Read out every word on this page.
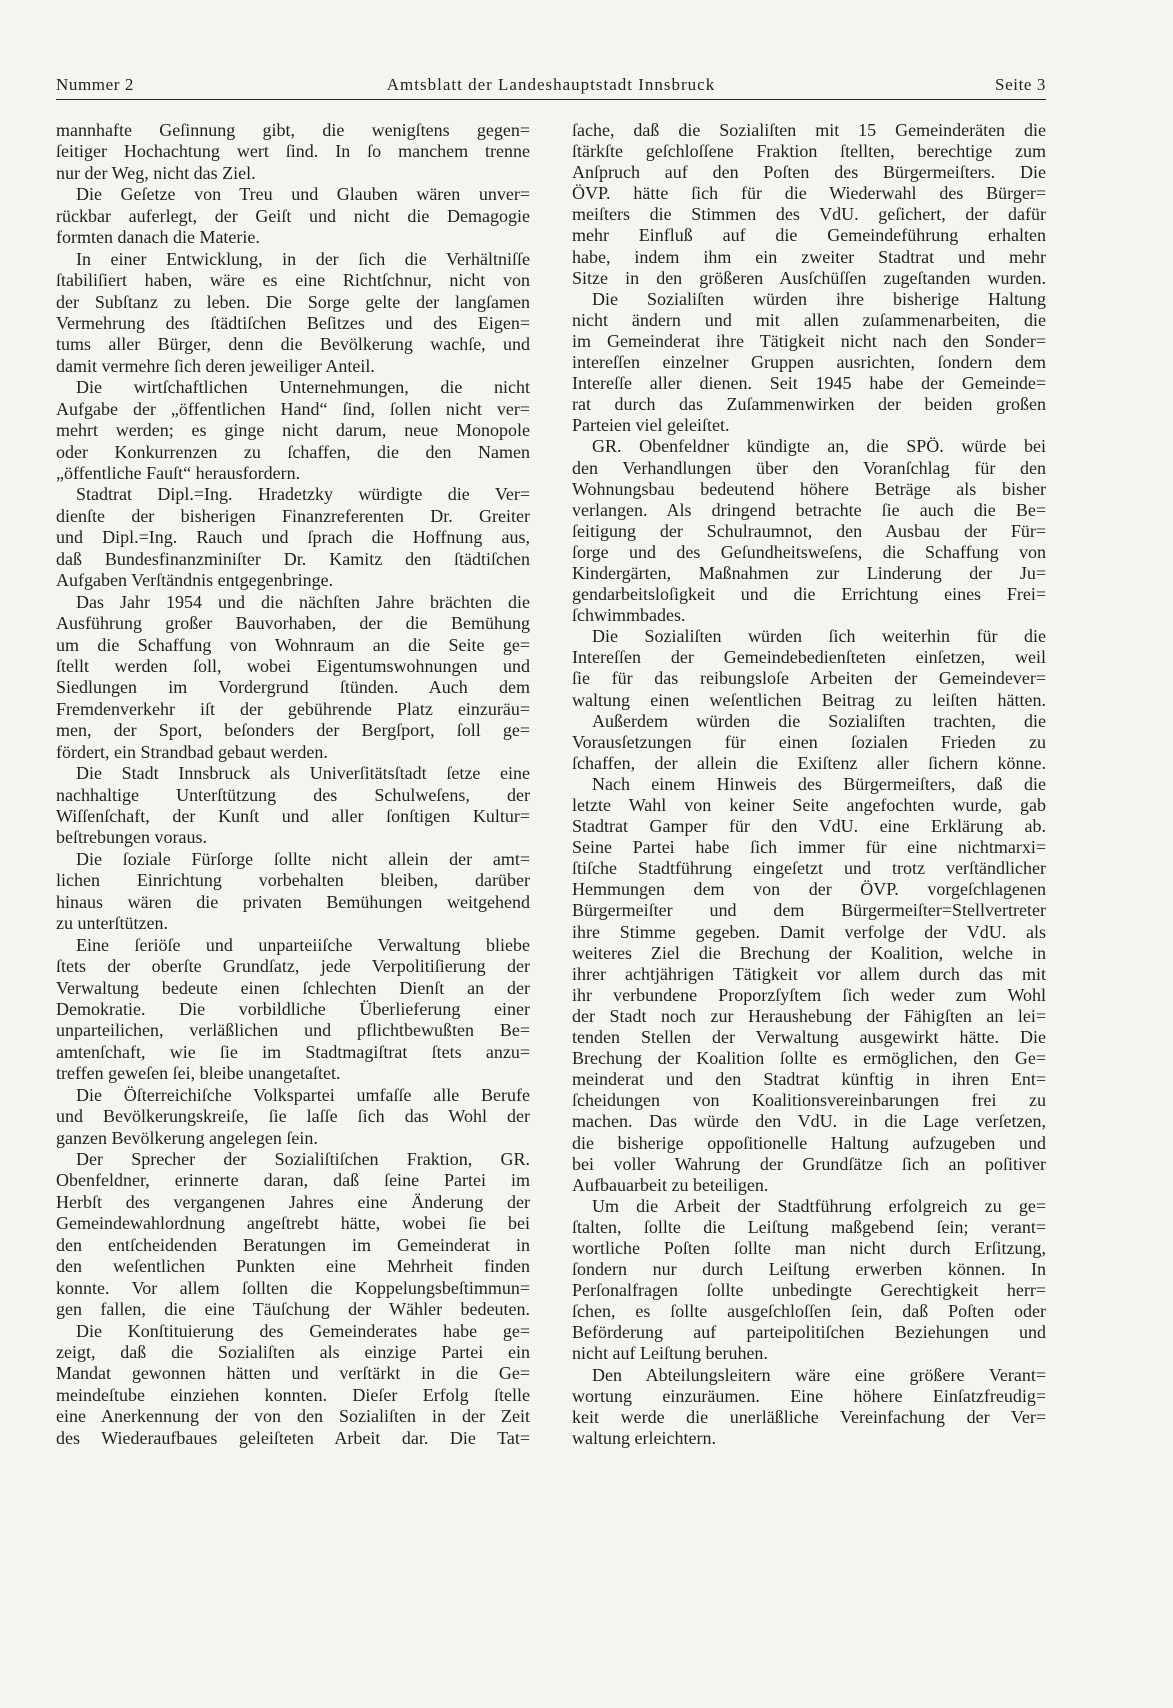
Nummer 2	Amtsblatt der Landeshauptstadt Innsbruck	Seite 3
mannhafte Geſinnung gibt, die wenigſtens gegen=
ſeitiger Hochachtung wert ſind. In ſo manchem trenne
nur der Weg, nicht das Ziel.
Die Geſetze von Treu und Glauben wären unver=
rückbar auferlegt, der Geiſt und nicht die Demagogie
formten danach die Materie.
In einer Entwicklung, in der ſich die Verhältniſſe
ſtabiliſiert haben, wäre es eine Richtſchnur, nicht von
der Subſtanz zu leben. Die Sorge gelte der langſamen
Vermehrung des ſtädtiſchen Beſitzes und des Eigen=
tums aller Bürger, denn die Bevölkerung wachſe, und
damit vermehre ſich deren jeweiliger Anteil.
Die wirtſchaftlichen Unternehmungen, die nicht
Aufgabe der „öffentlichen Hand“ ſind, ſollen nicht ver=
mehrt werden; es ginge nicht darum, neue Monopole
oder Konkurrenzen zu ſchaffen, die den Namen
„öffentliche Fauſt“ herausfordern.
Stadtrat Dipl.=Ing. Hradetzky würdigte die Ver=
dienſte der bisherigen Finanzreferenten Dr. Greiter
und Dipl.=Ing. Rauch und ſprach die Hoffnung aus,
daß Bundesfinanzminiſter Dr. Kamitz den ſtädtiſchen
Aufgaben Verſtändnis entgegenbringe.
Das Jahr 1954 und die nächſten Jahre brächten die
Ausführung großer Bauvorhaben, der die Bemühung
um die Schaffung von Wohnraum an die Seite ge=
ſtellt werden ſoll, wobei Eigentumswohnungen und
Siedlungen im Vordergrund ſtünden. Auch dem
Fremdenverkehr iſt der gebührende Platz einzuräu=
men, der Sport, beſonders der Bergſport, ſoll ge=
fördert, ein Strandbad gebaut werden.
Die Stadt Innsbruck als Univerſitätsſtadt ſetze eine
nachhaltige Unterſtützung des Schulweſens, der
Wiſſenſchaft, der Kunſt und aller ſonſtigen Kultur=
beſtrebungen voraus.
Die ſoziale Fürſorge ſollte nicht allein der amt=
lichen Einrichtung vorbehalten bleiben, darüber
hinaus wären die privaten Bemühungen weitgehend
zu unterſtützen.
Eine ſeriöſe und unparteiiſche Verwaltung bliebe
ſtets der oberſte Grundſatz, jede Verpolitiſierung der
Verwaltung bedeute einen ſchlechten Dienſt an der
Demokratie. Die vorbildliche Überlieferung einer
unparteilichen, verläßlichen und pflichtbewußten Be=
amtenſchaft, wie ſie im Stadtmagiſtrat ſtets anzu=
treffen geweſen ſei, bleibe unangetaſtet.
Die Öſterreichiſche Volkspartei umfaſſe alle Berufe
und Bevölkerungskreiſe, ſie laſſe ſich das Wohl der
ganzen Bevölkerung angelegen ſein.
Der Sprecher der Sozialiſtiſchen Fraktion, GR.
Obenfeldner, erinnerte daran, daß ſeine Partei im
Herbſt des vergangenen Jahres eine Änderung der
Gemeindewahlordnung angeſtrebt hätte, wobei ſie bei
den entſcheidenden Beratungen im Gemeinderat in
den weſentlichen Punkten eine Mehrheit finden
konnte. Vor allem ſollten die Koppelungsbeſtimmun=
gen fallen, die eine Täuſchung der Wähler bedeuten.
Die Konſtituierung des Gemeinderates habe ge=
zeigt, daß die Sozialiſten als einzige Partei ein
Mandat gewonnen hätten und verſtärkt in die Ge=
meindeſtube einziehen konnten. Dieſer Erfolg ſtelle
eine Anerkennung der von den Sozialiſten in der Zeit
des Wiederaufbaues geleiſteten Arbeit dar. Die Tat=
ſache, daß die Sozialiſten mit 15 Gemeinderäten die
ſtärkſte geſchloſſene Fraktion ſtellten, berechtige zum
Anſpruch auf den Poſten des Bürgermeiſters. Die
ÖVP. hätte ſich für die Wiederwahl des Bürger=
meiſters die Stimmen des VdU. geſichert, der dafür
mehr Einfluß auf die Gemeindeführung erhalten
habe, indem ihm ein zweiter Stadtrat und mehr
Sitze in den größeren Ausſchüſſen zugeſtanden wurden.
Die Sozialiſten würden ihre bisherige Haltung
nicht ändern und mit allen zuſammenarbeiten, die
im Gemeinderat ihre Tätigkeit nicht nach den Sonder=
intereſſen einzelner Gruppen ausrichten, ſondern dem
Intereſſe aller dienen. Seit 1945 habe der Gemeinde=
rat durch das Zuſammenwirken der beiden großen
Parteien viel geleiſtet.
GR. Obenfeldner kündigte an, die SPÖ. würde bei
den Verhandlungen über den Voranſchlag für den
Wohnungsbau bedeutend höhere Beträge als bisher
verlangen. Als dringend betrachte ſie auch die Be=
ſeitigung der Schulraumnot, den Ausbau der Für=
ſorge und des Geſundheitsweſens, die Schaffung von
Kindergärten, Maßnahmen zur Linderung der Ju=
gendarbeitsloſigkeit und die Errichtung eines Frei=
ſchwimmbades.
Die Sozialiſten würden ſich weiterhin für die
Intereſſen der Gemeindebedienſteten einſetzen, weil
ſie für das reibungsloſe Arbeiten der Gemeindever=
waltung einen weſentlichen Beitrag zu leiſten hätten.
Außerdem würden die Sozialiſten trachten, die
Vorausſetzungen für einen ſozialen Frieden zu
ſchaffen, der allein die Exiſtenz aller ſichern könne.
Nach einem Hinweis des Bürgermeiſters, daß die
letzte Wahl von keiner Seite angefochten wurde, gab
Stadtrat Gamper für den VdU. eine Erklärung ab.
Seine Partei habe ſich immer für eine nichtmarxi=
ſtiſche Stadtführung eingeſetzt und trotz verſtändlicher
Hemmungen dem von der ÖVP. vorgeſchlagenen
Bürgermeiſter und dem Bürgermeiſter=Stellvertreter
ihre Stimme gegeben. Damit verfolge der VdU. als
weiteres Ziel die Brechung der Koalition, welche in
ihrer achtjährigen Tätigkeit vor allem durch das mit
ihr verbundene Proporzſyſtem ſich weder zum Wohl
der Stadt noch zur Heraushebung der Fähigſten an lei=
tenden Stellen der Verwaltung ausgewirkt hätte. Die
Brechung der Koalition ſollte es ermöglichen, den Ge=
meinderat und den Stadtrat künftig in ihren Ent=
ſcheidungen von Koalitionsvereinbarungen frei zu
machen. Das würde den VdU. in die Lage verſetzen,
die bisherige oppoſitionelle Haltung aufzugeben und
bei voller Wahrung der Grundſätze ſich an poſitiver
Aufbauarbeit zu beteiligen.
Um die Arbeit der Stadtführung erfolgreich zu ge=
ſtalten, ſollte die Leiſtung maßgebend ſein; verant=
wortliche Poſten ſollte man nicht durch Erſitzung,
ſondern nur durch Leiſtung erwerben können. In
Perſonalfragen ſollte unbedingte Gerechtigkeit herr=
ſchen, es ſollte ausgeſchloſſen ſein, daß Poſten oder
Beförderung auf parteipolitiſchen Beziehungen und
nicht auf Leiſtung beruhen.
Den Abteilungsleitern wäre eine größere Verant=
wortung einzuräumen. Eine höhere Einſatzfreudig=
keit werde die unerläßliche Vereinfachung der Ver=
waltung erleichtern.
